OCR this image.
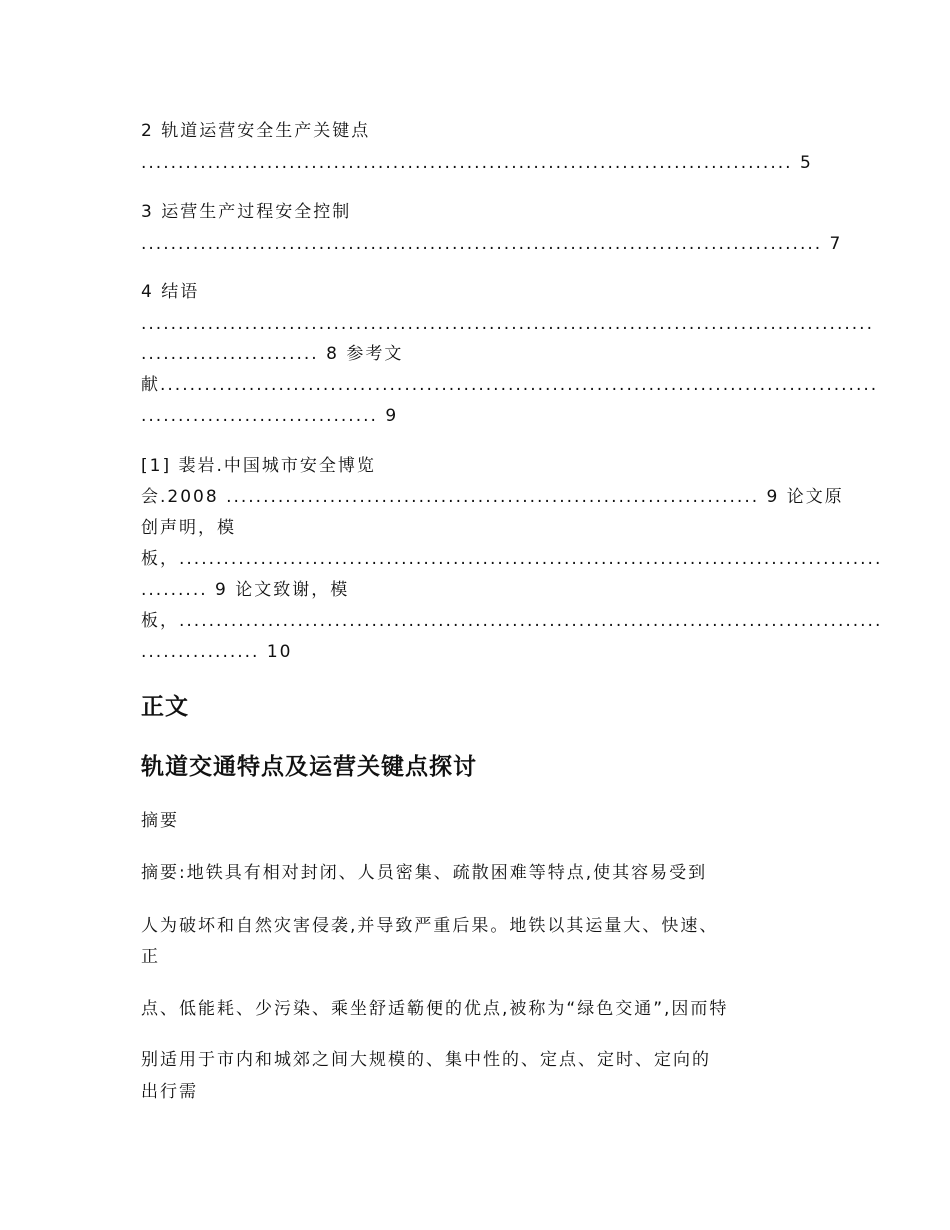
2 轨道运营安全生产关键点
........................................................................................ 5
3 运营生产过程安全控制
............................................................................................ 7
4 结语
...................................................................................................
........................ 8 参考文
献.................................................................................................
................................ 9
[1] 裴岩.中国城市安全博览
会.2008 ........................................................................ 9 论文原
创声明，模
板，...............................................................................................
......... 9 论文致谢，模
板，...............................................................................................
................ 10
正文
轨道交通特点及运营关键点探讨
摘要
摘要:地铁具有相对封闭、人员密集、疏散困难等特点,使其容易受到
人为破坏和自然灾害侵袭,并导致严重后果。地铁以其运量大、快速、
正
点、低能耗、少污染、乘坐舒适簕便的优点,被称为“绿色交通”,因而特
别适用于市内和城郊之间大规模的、集中性的、定点、定时、定向的
出行需
